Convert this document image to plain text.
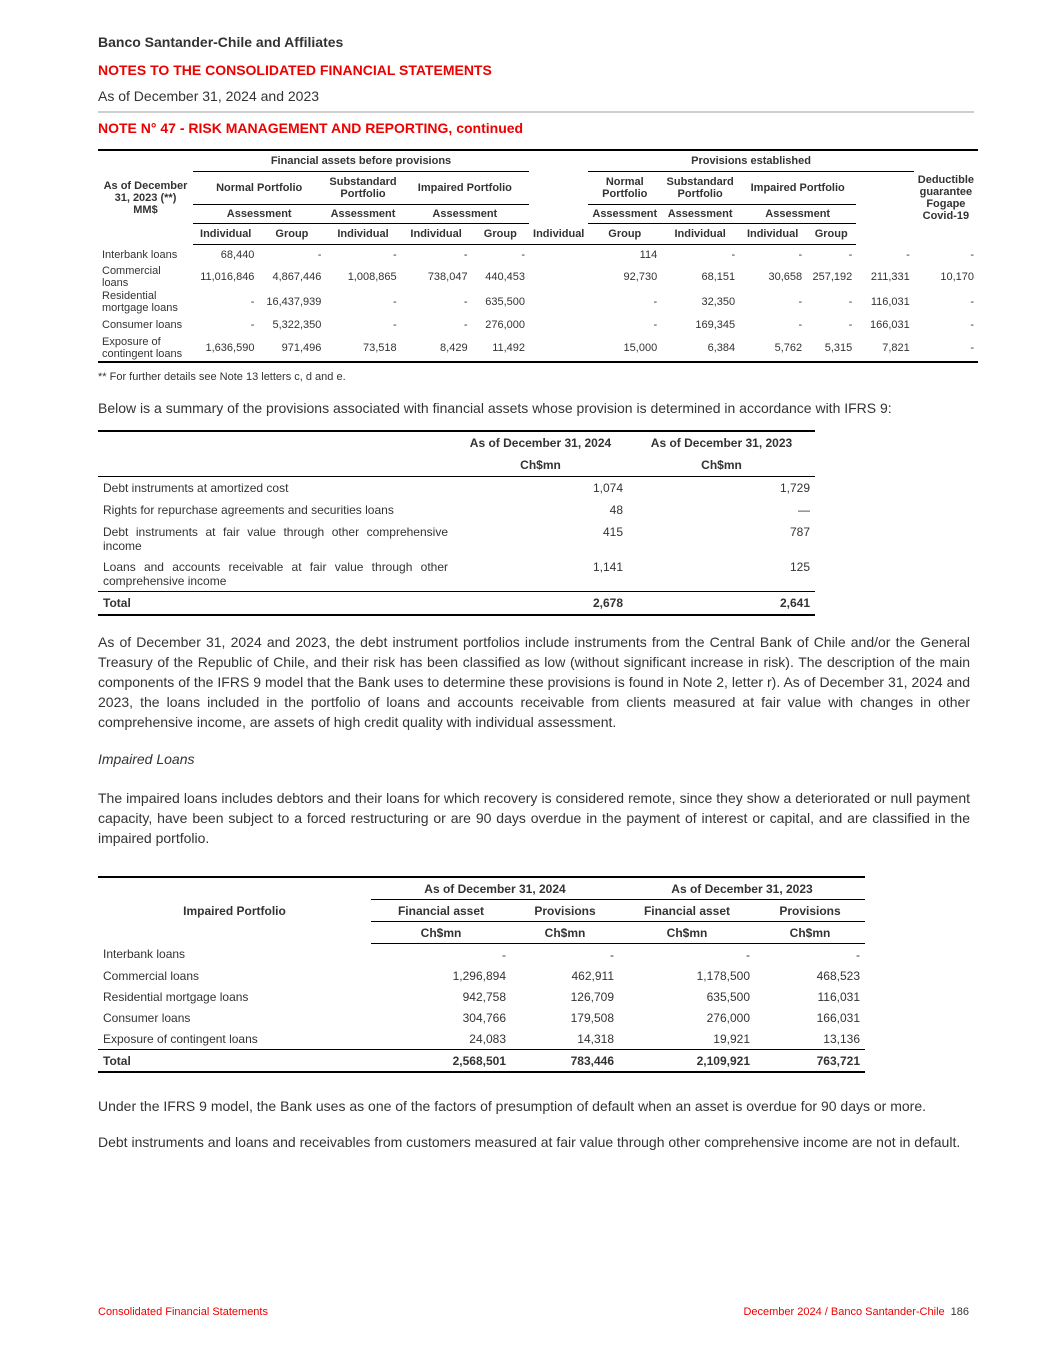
Banco Santander-Chile and Affiliates
NOTES TO THE CONSOLIDATED FINANCIAL STATEMENTS
As of December 31, 2024 and 2023
NOTE N° 47 - RISK MANAGEMENT AND REPORTING, continued
As of December 31, 2023 (**) MM$	Financial assets before provisions						Provisions established					Deductible guarantee Fogape Covid-19
	Normal Portfolio		Substandard Portfolio	Impaired Portfolio			Normal Portfolio	Substandard Portfolio	Impaired Portfolio			
	Assessment		Assessment	Assessment			Assessment	Assessment	Assessment			
	Individual	Group	Individual	Individual	Group	Individual	Group	Individual	Individual	Group		
Interbank loans	68,440	-	-	-	-		114	-	-	-	-	-
Commercial loans	11,016,846	4,867,446	1,008,865	738,047	440,453		92,730	68,151	30,658	257,192	211,331	10,170
Residential mortgage loans	-	16,437,939	-	-	635,500		-	32,350	-	-	116,031	-
Consumer loans	-	5,322,350	-	-	276,000		-	169,345	-	-	166,031	-
Exposure of contingent loans	1,636,590	971,496	73,518	8,429	11,492		15,000	6,384	5,762	5,315	7,821	-
** For further details see Note 13 letters c, d and e.
Below is a summary of the provisions associated with financial assets whose provision is determined in accordance with IFRS 9:
	As of December 31, 2024	As of December 31, 2023
	Ch$mn	Ch$mn
Debt instruments at amortized cost	1,074	1,729
Rights for repurchase agreements and securities loans	48	—
Debt instruments at fair value through other comprehensive income	415	787
Loans and accounts receivable at fair value through other comprehensive income	1,141	125
Total	2,678	2,641
As of December 31, 2024 and 2023, the debt instrument portfolios include instruments from the Central Bank of Chile and/or the General Treasury of the Republic of Chile, and their risk has been classified as low (without significant increase in risk). The description of the main components of the IFRS 9 model that the Bank uses to determine these provisions is found in Note 2, letter r). As of December 31, 2024 and 2023, the loans included in the portfolio of loans and accounts receivable from clients measured at fair value with changes in other comprehensive income, are assets of high credit quality with individual assessment.
Impaired Loans
The impaired loans includes debtors and their loans for which recovery is considered remote, since they show a deteriorated or null payment capacity, have been subject to a forced restructuring or are 90 days overdue in the payment of interest or capital, and are classified in the impaired portfolio.
Impaired Portfolio	As of December 31, 2024		As of December 31, 2023	
	Financial asset	Provisions	Financial asset	Provisions
	Ch$mn	Ch$mn	Ch$mn	Ch$mn
Interbank loans	-	-	-	-
Commercial loans	1,296,894	462,911	1,178,500	468,523
Residential mortgage loans	942,758	126,709	635,500	116,031
Consumer loans	304,766	179,508	276,000	166,031
Exposure of contingent loans	24,083	14,318	19,921	13,136
Total	2,568,501	783,446	2,109,921	763,721
Under the IFRS 9 model, the Bank uses as one of the factors of presumption of default when an asset is overdue for 90 days or more.
Debt instruments and loans and receivables from customers measured at fair value through other comprehensive income are not in default.
Consolidated Financial Statements	December 2024 / Banco Santander-Chile 186
